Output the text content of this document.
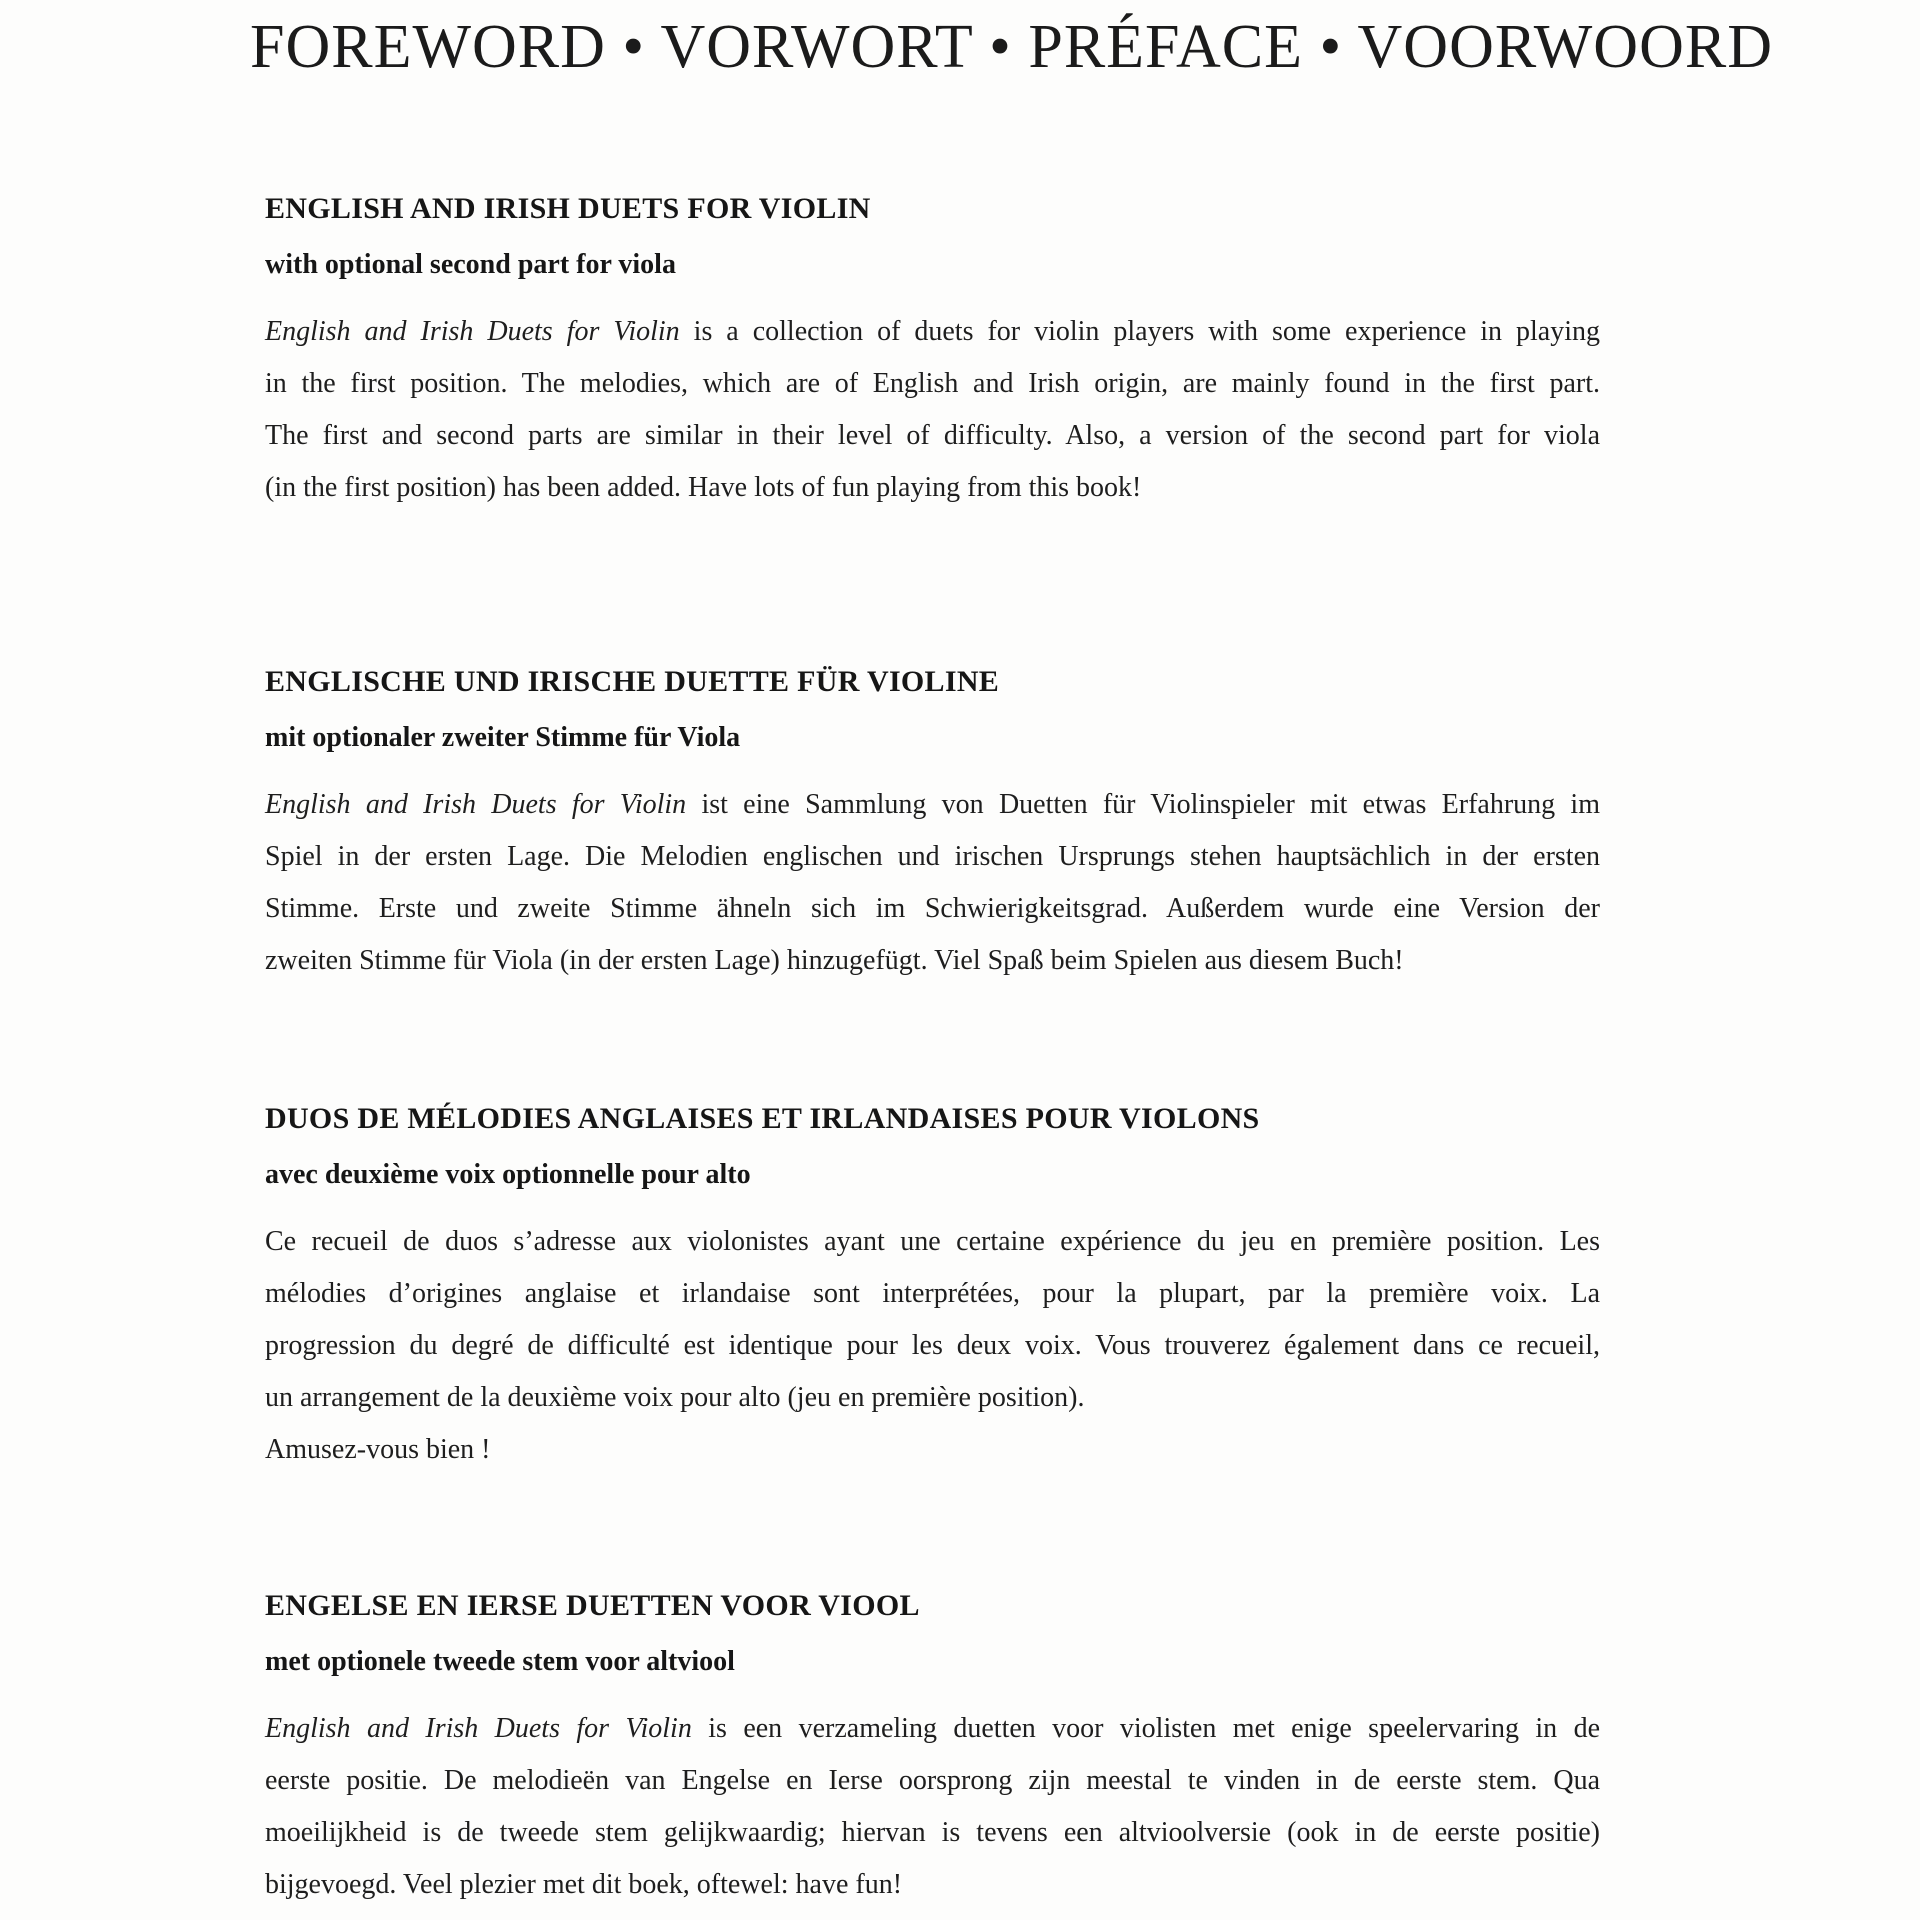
FOREWORD • VORWORT • PRÉFACE • VOORWOORD
ENGLISH AND IRISH DUETS FOR VIOLIN
with optional second part for viola

English and Irish Duets for Violin is a collection of duets for violin players with some experience in playing

in the first position. The melodies, which are of English and Irish origin, are mainly found in the first part.

The first and second parts are similar in their level of difficulty. Also, a version of the second part for viola

(in the first position) has been added. Have lots of fun playing from this book!

ENGLISCHE UND IRISCHE DUETTE FÜR VIOLINE
mit optionaler zweiter Stimme für Viola

English and Irish Duets for Violin ist eine Sammlung von Duetten für Violinspieler mit etwas Erfahrung im

Spiel in der ersten Lage. Die Melodien englischen und irischen Ursprungs stehen hauptsächlich in der ersten

Stimme. Erste und zweite Stimme ähneln sich im Schwierigkeitsgrad. Außerdem wurde eine Version der

zweiten Stimme für Viola (in der ersten Lage) hinzugefügt. Viel Spaß beim Spielen aus diesem Buch!

DUOS DE MÉLODIES ANGLAISES ET IRLANDAISES POUR VIOLONS
avec deuxième voix optionnelle pour alto

Ce recueil de duos s’adresse aux violonistes ayant une certaine expérience du jeu en première position. Les

mélodies d’origines anglaise et irlandaise sont interprétées, pour la plupart, par la première voix. La

progression du degré de difficulté est identique pour les deux voix. Vous trouverez également dans ce recueil,

un arrangement de la deuxième voix pour alto (jeu en première position).

Amusez-vous bien !

ENGELSE EN IERSE DUETTEN VOOR VIOOL
met optionele tweede stem voor altviool

English and Irish Duets for Violin is een verzameling duetten voor violisten met enige speelervaring in de

eerste positie. De melodieën van Engelse en Ierse oorsprong zijn meestal te vinden in de eerste stem. Qua

moeilijkheid is de tweede stem gelijkwaardig; hiervan is tevens een altvioolversie (ook in de eerste positie)

bijgevoegd. Veel plezier met dit boek, oftewel: have fun!
